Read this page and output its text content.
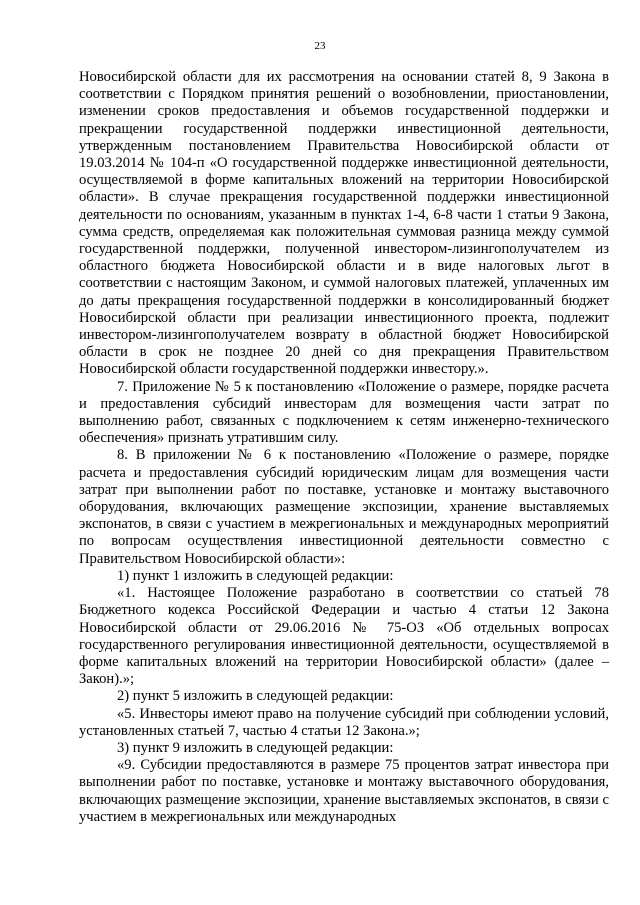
23

Новосибирской области для их рассмотрения на основании статей 8, 9 Закона в соответствии с Порядком принятия решений о возобновлении, приостановлении, изменении сроков предоставления и объемов государственной поддержки и прекращении государственной поддержки инвестиционной деятельности, утвержденным постановлением Правительства Новосибирской области от 19.03.2014 № 104-п «О государственной поддержке инвестиционной деятельности, осуществляемой в форме капитальных вложений на территории Новосибирской области». В случае прекращения государственной поддержки инвестиционной деятельности по основаниям, указанным в пунктах 1-4, 6-8 части 1 статьи 9 Закона, сумма средств, определяемая как положительная суммовая разница между суммой государственной поддержки, полученной инвестором-лизингополучателем из областного бюджета Новосибирской области и в виде налоговых льгот в соответствии с настоящим Законом, и суммой налоговых платежей, уплаченных им до даты прекращения государственной поддержки в консолидированный бюджет Новосибирской области при реализации инвестиционного проекта, подлежит инвестором-лизингополучателем возврату в областной бюджет Новосибирской области в срок не позднее 20 дней со дня прекращения Правительством Новосибирской области государственной поддержки инвестору.».

7. Приложение № 5 к постановлению «Положение о размере, порядке расчета и предоставления субсидий инвесторам для возмещения части затрат по выполнению работ, связанных с подключением к сетям инженерно-технического обеспечения» признать утратившим силу.

8. В приложении № 6 к постановлению «Положение о размере, порядке расчета и предоставления субсидий юридическим лицам для возмещения части затрат при выполнении работ по поставке, установке и монтажу выставочного оборудования, включающих размещение экспозиции, хранение выставляемых экспонатов, в связи с участием в межрегиональных и международных мероприятий по вопросам осуществления инвестиционной деятельности совместно с Правительством Новосибирской области»:

1) пункт 1 изложить в следующей редакции:

«1. Настоящее Положение разработано в соответствии со статьей 78 Бюджетного кодекса Российской Федерации и частью 4 статьи 12 Закона Новосибирской области от 29.06.2016 № 75-ОЗ «Об отдельных вопросах государственного регулирования инвестиционной деятельности, осуществляемой в форме капитальных вложений на территории Новосибирской области» (далее – Закон).»;

2) пункт 5 изложить в следующей редакции:

«5. Инвесторы имеют право на получение субсидий при соблюдении условий, установленных статьей 7, частью 4 статьи 12 Закона.»;

3) пункт 9 изложить в следующей редакции:

«9. Субсидии предоставляются в размере 75 процентов затрат инвестора при выполнении работ по поставке, установке и монтажу выставочного оборудования, включающих размещение экспозиции, хранение выставляемых экспонатов, в связи с участием в межрегиональных или международных
